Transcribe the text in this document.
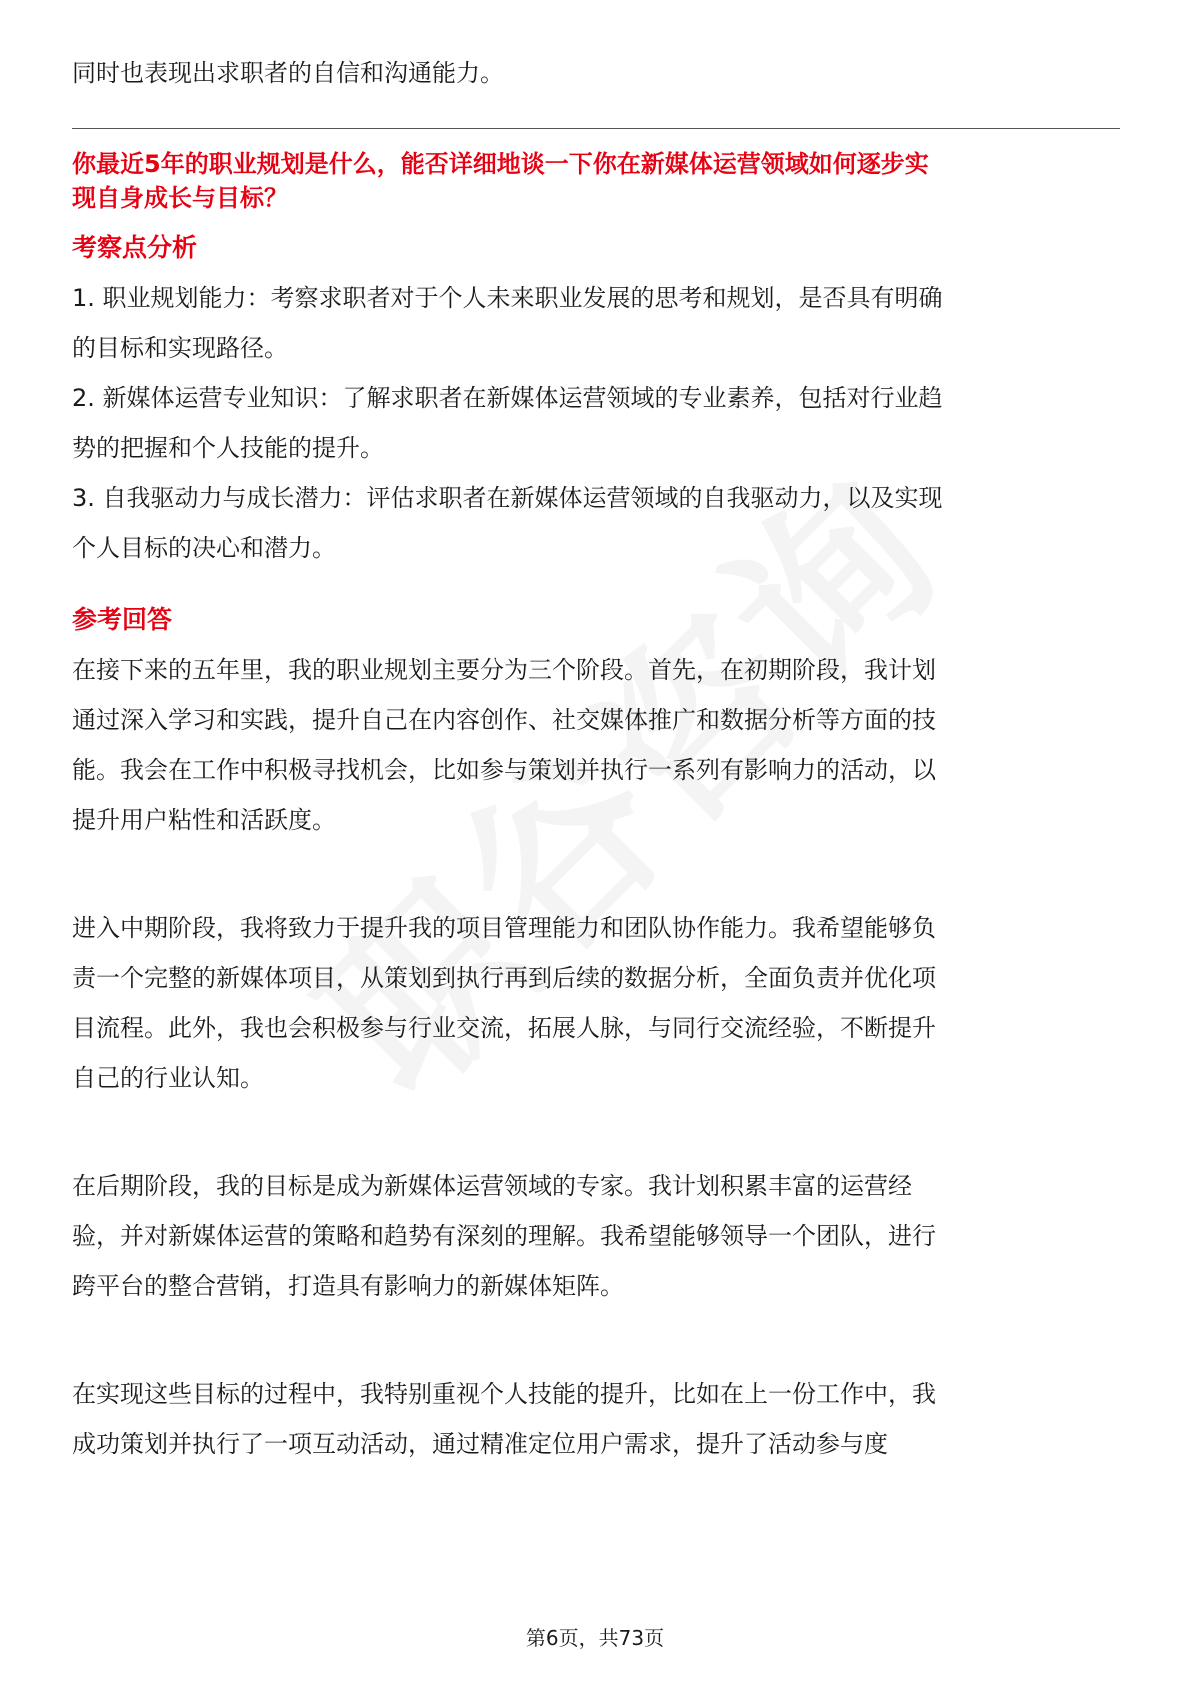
同时也表现出求职者的自信和沟通能力。

你最近5年的职业规划是什么，能否详细地谈一下你在新媒体运营领域如何逐步实

现自身成长与目标？

考察点分析

1. 职业规划能力：考察求职者对于个人未来职业发展的思考和规划，是否具有明确

的目标和实现路径。

2. 新媒体运营专业知识：了解求职者在新媒体运营领域的专业素养，包括对行业趋

势的把握和个人技能的提升。

3. 自我驱动力与成长潜力：评估求职者在新媒体运营领域的自我驱动力，以及实现

个人目标的决心和潜力。

参考回答

在接下来的五年里，我的职业规划主要分为三个阶段。首先，在初期阶段，我计划

通过深入学习和实践，提升自己在内容创作、社交媒体推广和数据分析等方面的技

能。我会在工作中积极寻找机会，比如参与策划并执行一系列有影响力的活动，以

提升用户粘性和活跃度。

进入中期阶段，我将致力于提升我的项目管理能力和团队协作能力。我希望能够负

责一个完整的新媒体项目，从策划到执行再到后续的数据分析，全面负责并优化项

目流程。此外，我也会积极参与行业交流，拓展人脉，与同行交流经验，不断提升

自己的行业认知。

在后期阶段，我的目标是成为新媒体运营领域的专家。我计划积累丰富的运营经

验，并对新媒体运营的策略和趋势有深刻的理解。我希望能够领导一个团队，进行

跨平台的整合营销，打造具有影响力的新媒体矩阵。

在实现这些目标的过程中，我特别重视个人技能的提升，比如在上一份工作中，我

成功策划并执行了一项互动活动，通过精准定位用户需求，提升了活动参与度

第6页，共73页
